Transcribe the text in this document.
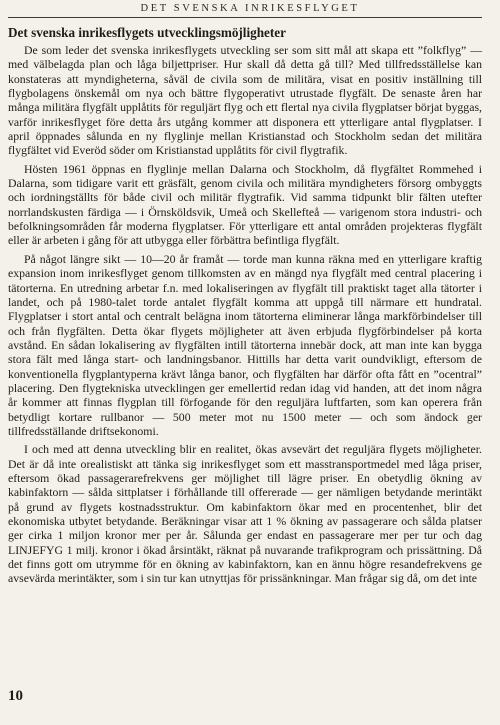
DET SVENSKA INRIKESFLYGET
Det svenska inrikesflygets utvecklingsmöjligheter

De som leder det svenska inrikesflygets utveckling ser som sitt mål att skapa ett ”folkflyg” — med välbelagda plan och låga biljettpriser. Hur skall då detta gå till? Med tillfredsställelse kan konstateras att myndigheterna, såväl de civila som de militära, visat en positiv inställning till flygbolagens önskemål om nya och bättre flygoperativt utrustade flygfält. De senaste åren har många militära flygfält upplåtits för reguljärt flyg och ett flertal nya civila flygplatser börjat byggas, varför inrikesflyget före detta års utgång kommer att disponera ett ytterligare antal flygplatser. I april öppnades sålunda en ny flyglinje mellan Kristianstad och Stockholm sedan det militära flygfältet vid Everöd söder om Kristianstad upplåtits för civil flygtrafik.

Hösten 1961 öppnas en flyglinje mellan Dalarna och Stockholm, då flygfältet Rommehed i Dalarna, som tidigare varit ett gräsfält, genom civila och militära myndigheters försorg ombyggts och iordningställts för både civil och militär flygtrafik. Vid samma tidpunkt blir fälten utefter norrlandskusten färdiga — i Örnsköldsvik, Umeå och Skellefteå — varigenom stora industri- och befolkningsområden får moderna flygplatser. För ytterligare ett antal områden projekteras flygfält eller är arbeten i gång för att utbygga eller förbättra befintliga flygfält.

På något längre sikt — 10—20 år framåt — torde man kunna räkna med en ytterligare kraftig expansion inom inrikesflyget genom tillkomsten av en mängd nya flygfält med central placering i tätorterna. En utredning arbetar f.n. med lokaliseringen av flygfält till praktiskt taget alla tätorter i landet, och på 1980-talet torde antalet flygfält komma att uppgå till närmare ett hundratal. Flygplatser i stort antal och centralt belägna inom tätorterna eliminerar långa markförbindelser till och från flygfälten. Detta ökar flygets möjligheter att även erbjuda flygförbindelser på korta avstånd. En sådan lokalisering av flygfälten intill tätorterna innebär dock, att man inte kan bygga stora fält med långa start- och landningsbanor. Hittills har detta varit oundvikligt, eftersom de konventionella flygplantyperna krävt långa banor, och flygfälten har därför ofta fått en ”ocentral” placering. Den flygtekniska utvecklingen ger emellertid redan idag vid handen, att det inom några år kommer att finnas flygplan till förfogande för den reguljära luftfarten, som kan operera från betydligt kortare rullbanor — 500 meter mot nu 1500 meter — och som ändock ger tillfredsställande driftsekonomi.

I och med att denna utveckling blir en realitet, ökas avsevärt det reguljära flygets möjligheter. Det är då inte orealistiskt att tänka sig inrikesflyget som ett masstransportmedel med låga priser, eftersom ökad passagerarefrekvens ger möjlighet till lägre priser. En obetydlig ökning av kabinfaktorn — sålda sittplatser i förhållande till offererade — ger nämligen betydande merintäkt på grund av flygets kostnadsstruktur. Om kabinfaktorn ökar med en procentenhet, blir det ekonomiska utbytet betydande. Beräkningar visar att 1 % ökning av passagerare och sålda platser ger cirka 1 miljon kronor mer per år. Sålunda ger endast en passagerare mer per tur och dag LINJEFYG 1 milj. kronor i ökad årsintäkt, räknat på nuvarande trafikprogram och prissättning. Då det finns gott om utrymme för en ökning av kabinfaktorn, kan en ännu högre resandefrekvens ge avsevärda merintäkter, som i sin tur kan utnyttjas för prissänkningar. Man frågar sig då, om det inte

10
